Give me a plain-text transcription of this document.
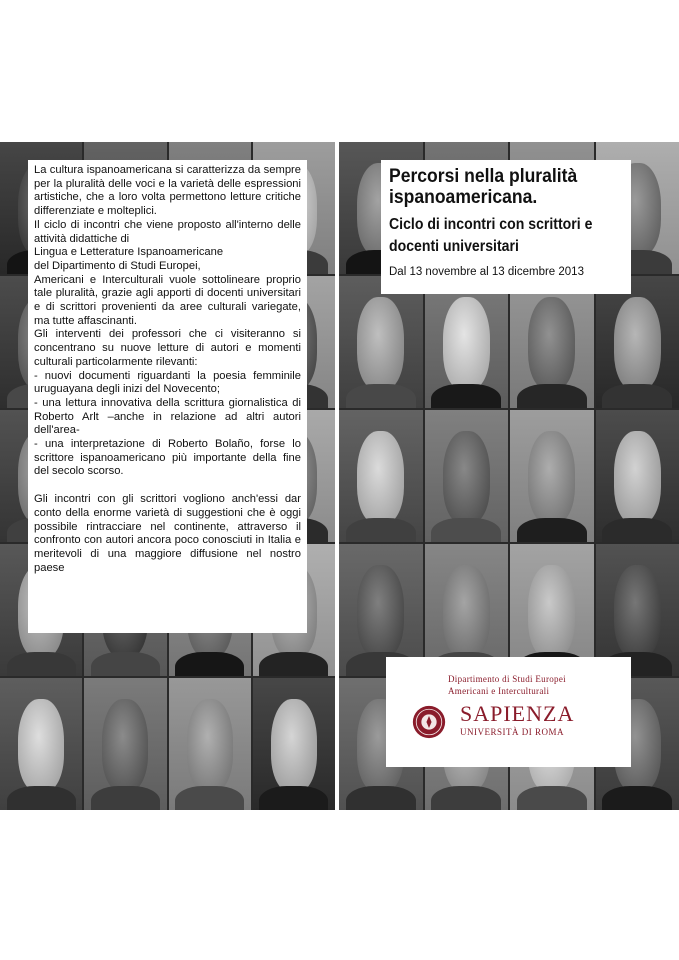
La cultura ispanoamericana si caratterizza da sempre per la pluralità delle voci e la varietà delle espressioni artistiche, che a loro volta permettono letture critiche differenziate e molteplici.

Il ciclo di incontri che viene proposto all'interno delle attività didattiche di

Lingua e Letterature Ispanoamericane

del Dipartimento di Studi Europei,

Americani e Interculturali vuole sottolineare proprio tale pluralità, grazie agli apporti di docenti universitari e di scrittori provenienti da aree culturali variegate, ma tutte affascinanti.

Gli interventi dei professori che ci visiteranno si concentrano su nuove letture di autori e momenti culturali particolarmente rilevanti:

- nuovi documenti riguardanti la poesia femminile uruguayana degli inizi del Novecento;

- una lettura innovativa della scrittura giornalistica di Roberto Arlt –anche in relazione ad altri autori dell'area-

- una interpretazione di Roberto Bolaño, forse lo scrittore ispanoamericano più importante della fine del secolo scorso.

Gli incontri con gli scrittori vogliono anch'essi dar conto della enorme varietà di suggestioni che è oggi possibile rintracciare nel continente, attraverso il confronto con autori ancora poco conosciuti in Italia e meritevoli di una maggiore diffusione nel nostro paese

Percorsi nella pluralità
ispanoamericana.
Ciclo di incontri con scrittori e
docenti universitari
Dal 13 novembre al 13 dicembre 2013
Dipartimento di Studi Europei
Americani e Interculturali
SAPIENZA
UNIVERSITÀ DI ROMA
